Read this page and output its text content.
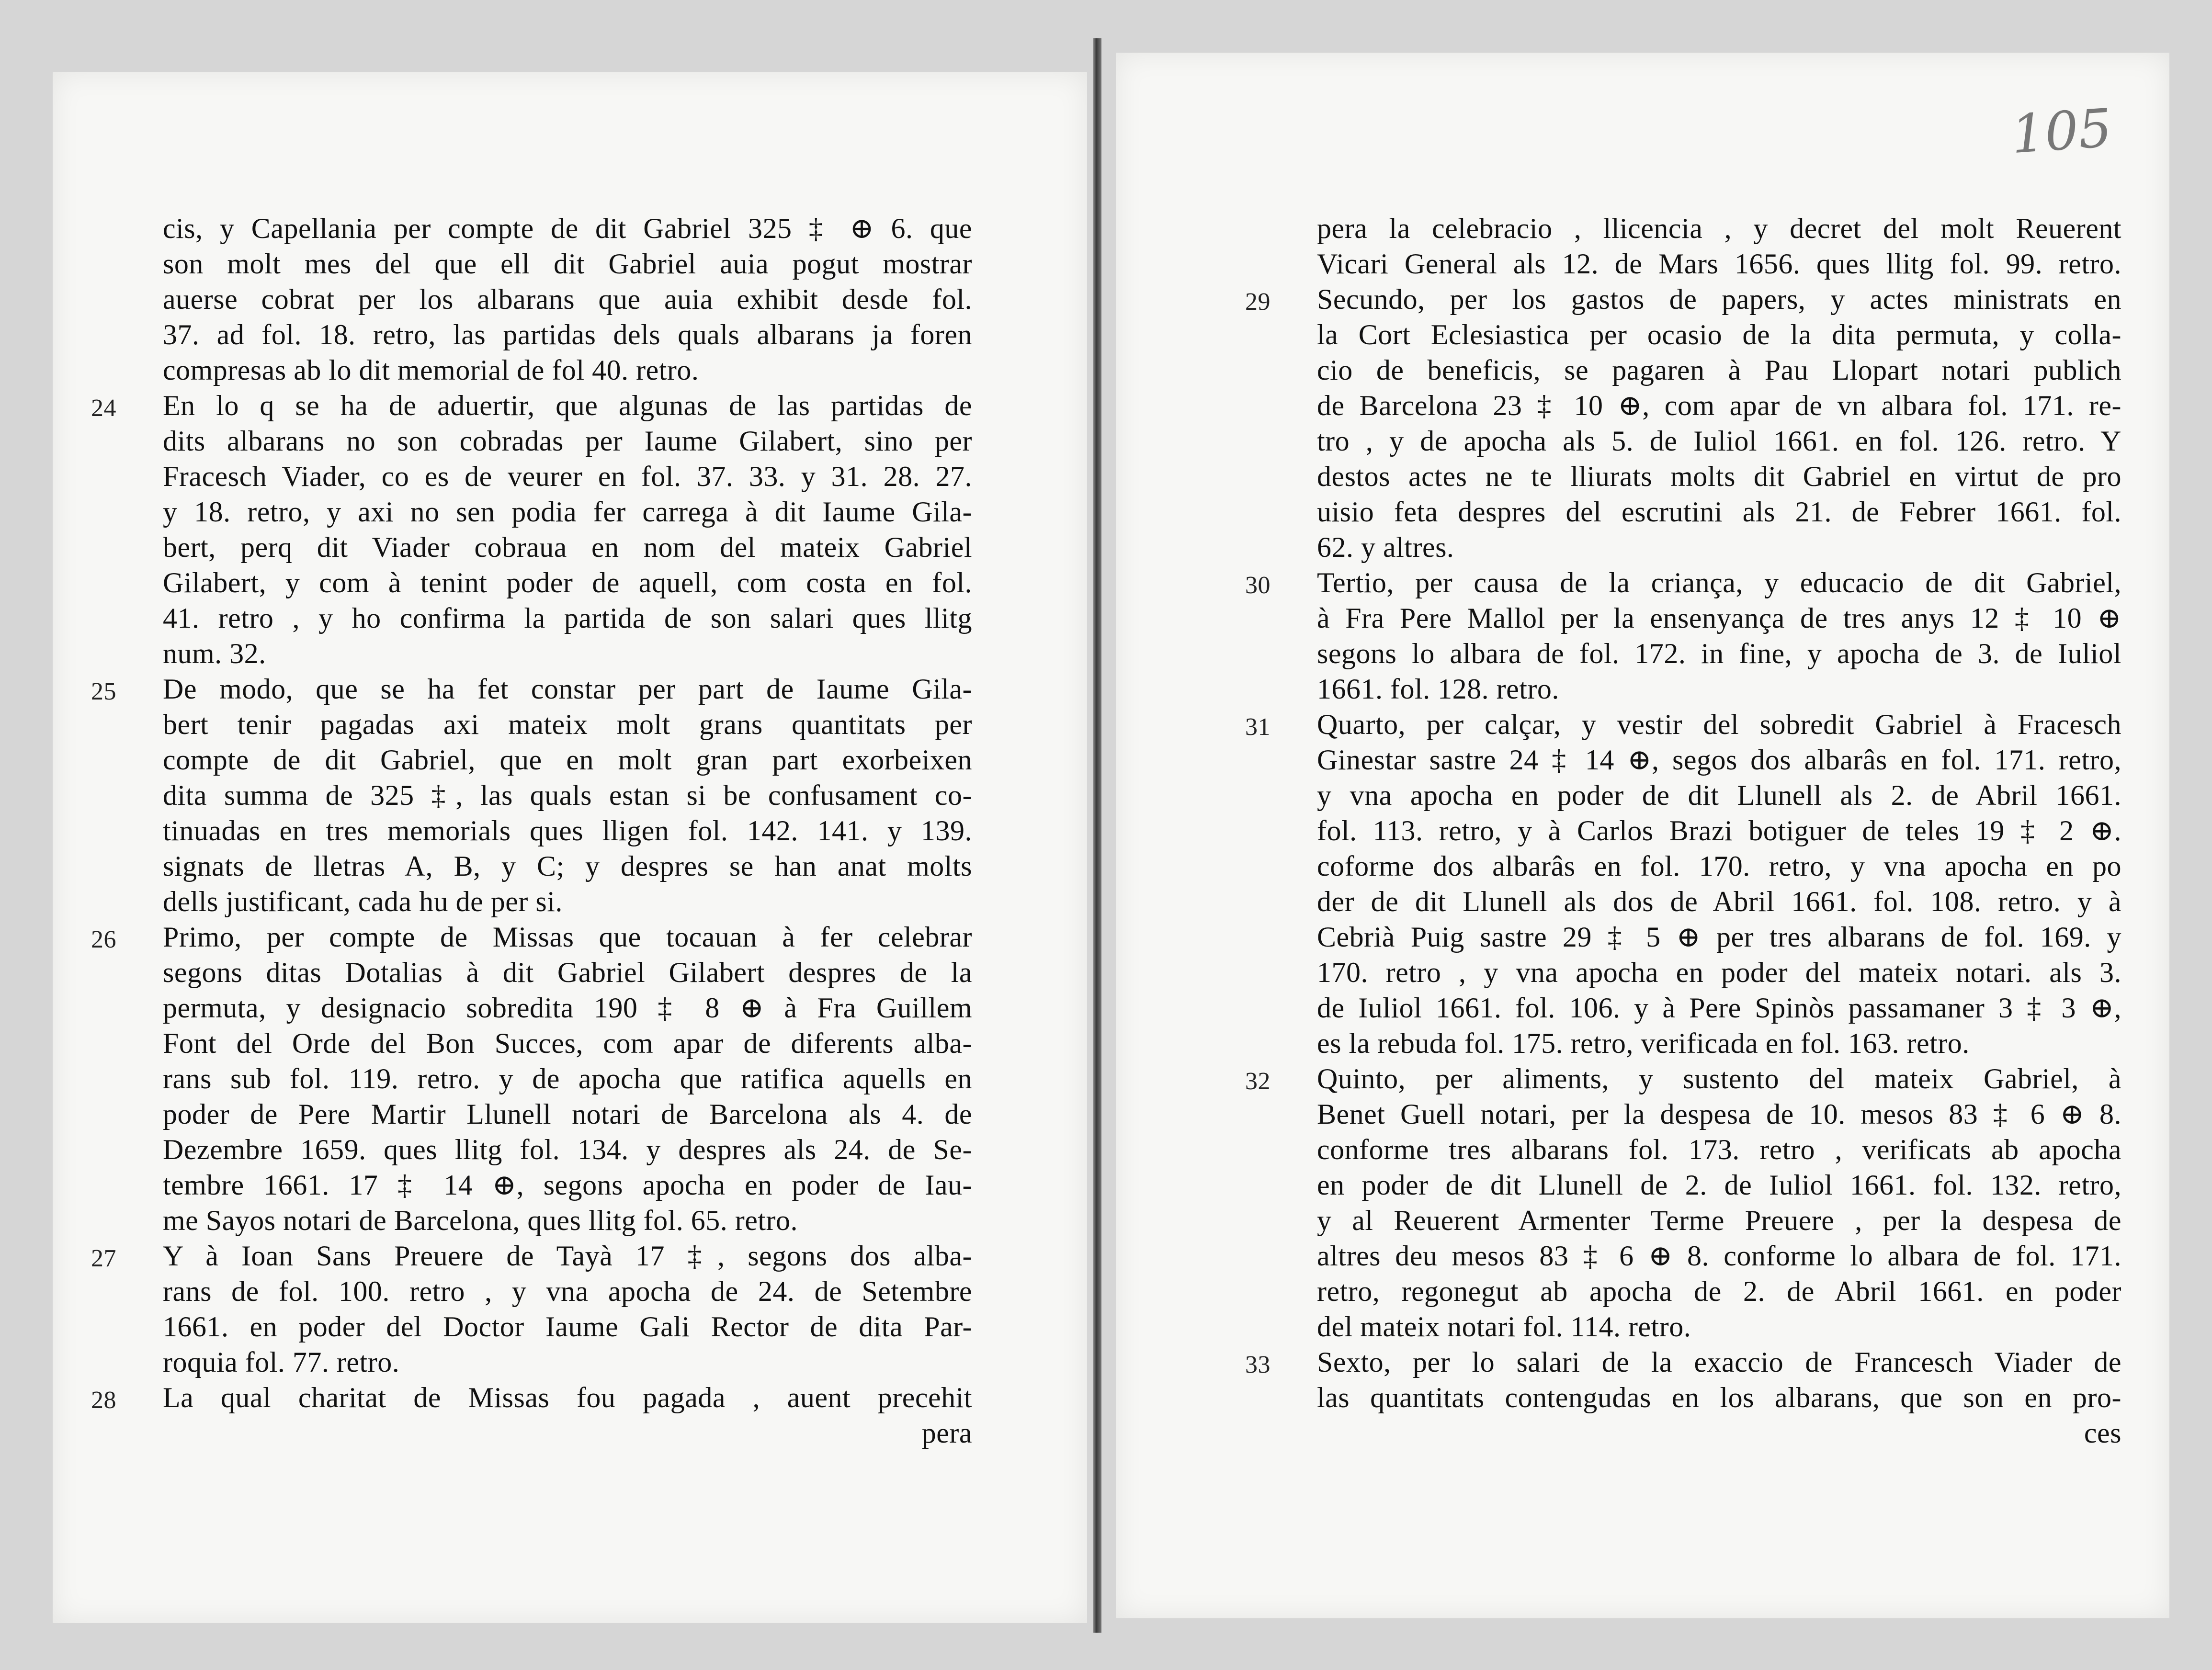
cis, y Capellania per compte de dit Gabriel 325 ‡ ⊕ 6. que
son molt mes del que ell dit Gabriel auia pogut mostrar
auerse cobrat per los albarans que auia exhibit desde fol.
37. ad fol. 18. retro, las partidas dels quals albarans ja foren
compresas ab lo dit memorial de fol 40. retro.
24 En lo q se ha de aduertir, que algunas de las partidas de
dits albarans no son cobradas per Iaume Gilabert, sino per
Fracesch Viader, co es de veurer en fol. 37. 33. y 31. 28. 27.
y 18. retro, y axi no sen podia fer carrega à dit Iaume Gila-
bert, perq dit Viader cobraua en nom del mateix Gabriel
Gilabert, y com à tenint poder de aquell, com costa en fol.
41. retro , y ho confirma la partida de son salari ques llitg
num. 32.
25 De modo, que se ha fet constar per part de Iaume Gila-
bert tenir pagadas axi mateix molt grans quantitats per
compte de dit Gabriel, que en molt gran part exorbeixen
dita summa de 325 ‡, las quals estan si be confusament co-
tinuadas en tres memorials ques lligen fol. 142. 141. y 139.
signats de lletras A, B, y C; y despres se han anat molts
dells justificant, cada hu de per si.
26 Primo, per compte de Missas que tocauan à fer celebrar
segons ditas Dotalias à dit Gabriel Gilabert despres de la
permuta, y designacio sobredita 190 ‡ 8 ⊕ à Fra Guillem
Font del Orde del Bon Succes, com apar de diferents alba-
rans sub fol. 119. retro. y de apocha que ratifica aquells en
poder de Pere Martir Llunell notari de Barcelona als 4. de
Dezembre 1659. ques llitg fol. 134. y despres als 24. de Se-
tembre 1661. 17 ‡ 14 ⊕, segons apocha en poder de Iau-
me Sayos notari de Barcelona, ques llitg fol. 65. retro.
27 Y à Ioan Sans Preuere de Tayà 17 ‡, segons dos alba-
rans de fol. 100. retro , y vna apocha de 24. de Setembre
1661. en poder del Doctor Iaume Gali Rector de dita Par-
roquia fol. 77. retro.
28 La qual charitat de Missas fou pagada , auent precehit
pera
105
pera la celebracio , llicencia , y decret del molt Reuerent
Vicari General als 12. de Mars 1656. ques llitg fol. 99. retro.
29 Secundo, per los gastos de papers, y actes ministrats en
la Cort Eclesiastica per ocasio de la dita permuta, y colla-
cio de beneficis, se pagaren à Pau Llopart notari publich
de Barcelona 23 ‡ 10 ⊕, com apar de vn albara fol. 171. re-
tro , y de apocha als 5. de Iuliol 1661. en fol. 126. retro. Y
destos actes ne te lliurats molts dit Gabriel en virtut de pro
uisio feta despres del escrutini als 21. de Febrer 1661. fol.
62. y altres.
30 Tertio, per causa de la criança, y educacio de dit Gabriel,
à Fra Pere Mallol per la ensenyança de tres anys 12 ‡ 10 ⊕
segons lo albara de fol. 172. in fine, y apocha de 3. de Iuliol
1661. fol. 128. retro.
31 Quarto, per calçar, y vestir del sobredit Gabriel à Fracesch
Ginestar sastre 24 ‡ 14 ⊕, segos dos albarâs en fol. 171. retro,
y vna apocha en poder de dit Llunell als 2. de Abril 1661.
fol. 113. retro, y à Carlos Brazi botiguer de teles 19 ‡ 2 ⊕.
coforme dos albarâs en fol. 170. retro, y vna apocha en po
der de dit Llunell als dos de Abril 1661. fol. 108. retro. y à
Cebrià Puig sastre 29 ‡ 5 ⊕ per tres albarans de fol. 169. y
170. retro , y vna apocha en poder del mateix notari. als 3.
de Iuliol 1661. fol. 106. y à Pere Spinòs passamaner 3 ‡ 3 ⊕,
es la rebuda fol. 175. retro, verificada en fol. 163. retro.
32 Quinto, per aliments, y sustento del mateix Gabriel, à
Benet Guell notari, per la despesa de 10. mesos 83 ‡ 6 ⊕ 8.
conforme tres albarans fol. 173. retro , verificats ab apocha
en poder de dit Llunell de 2. de Iuliol 1661. fol. 132. retro,
y al Reuerent Armenter Terme Preuere , per la despesa de
altres deu mesos 83 ‡ 6 ⊕ 8. conforme lo albara de fol. 171.
retro, regonegut ab apocha de 2. de Abril 1661. en poder
del mateix notari fol. 114. retro.
33 Sexto, per lo salari de la exaccio de Francesch Viader de
las quantitats contengudas en los albarans, que son en pro-
ces
